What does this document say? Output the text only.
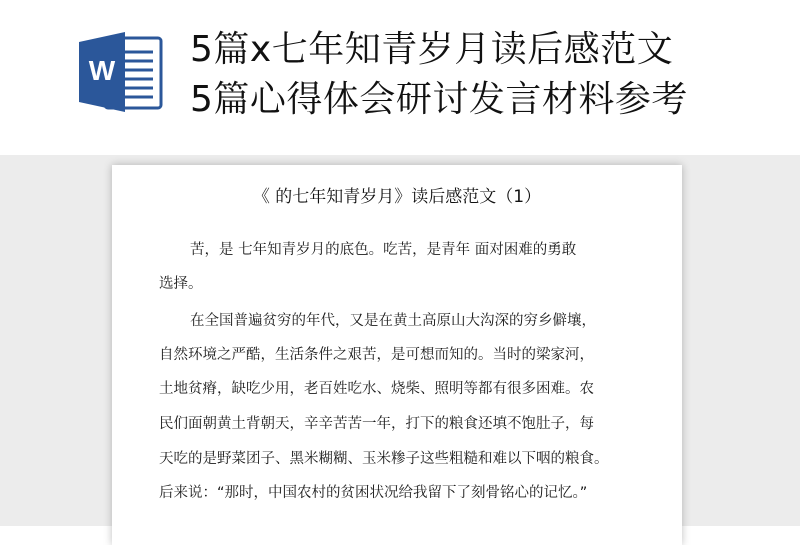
W
5篇x七年知青岁月读后感范文
5篇心得体会研讨发言材料参考
《 的七年知青岁月》读后感范文（1）
苦，是 七年知青岁月的底色。吃苦，是青年 面对困难的勇敢
选择。
在全国普遍贫穷的年代，又是在黄土高原山大沟深的穷乡僻壤，
自然环境之严酷，生活条件之艰苦，是可想而知的。当时的梁家河，
土地贫瘠，缺吃少用，老百姓吃水、烧柴、照明等都有很多困难。农
民们面朝黄土背朝天，辛辛苦苦一年，打下的粮食还填不饱肚子，每
天吃的是野菜团子、黑米糊糊、玉米糁子这些粗糙和难以下咽的粮食。
后来说：“那时，中国农村的贫困状况给我留下了刻骨铭心的记忆。”
